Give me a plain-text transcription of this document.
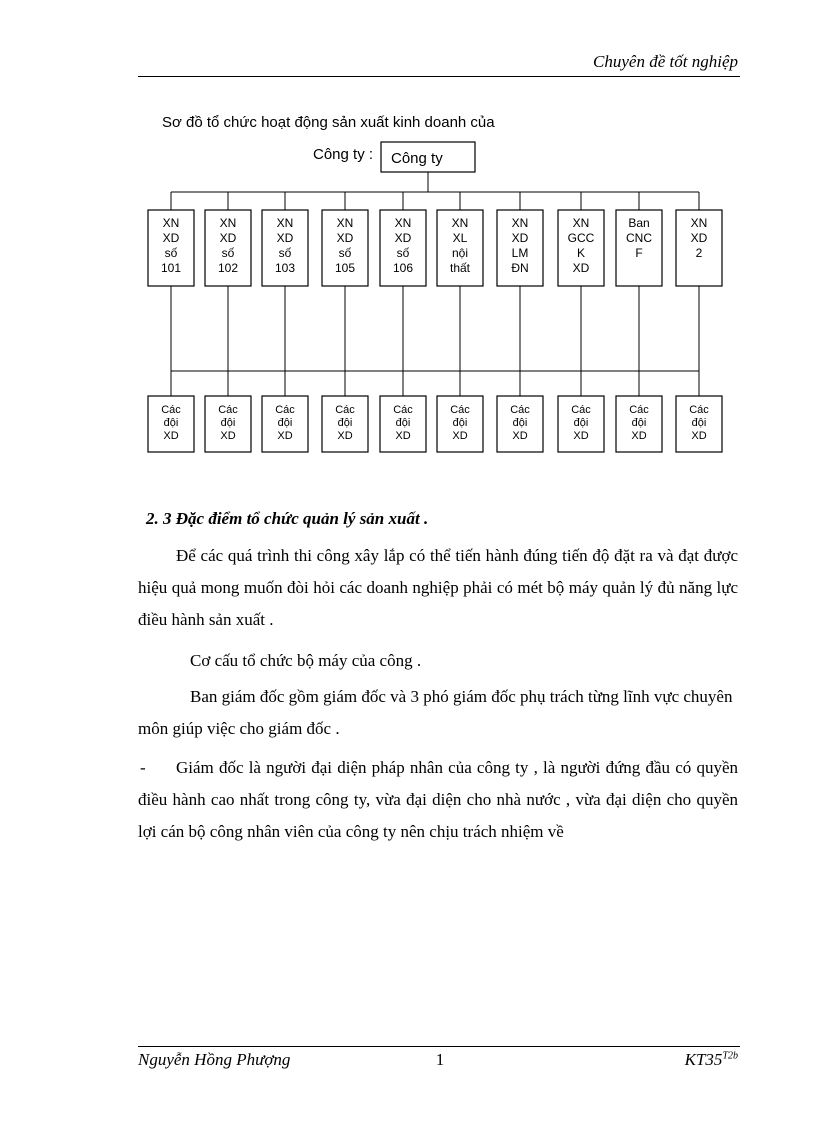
Chuyên đề tốt nghiệp
Sơ đồ tổ chức hoạt động sản xuất kinh doanh của
Công ty : Công ty
XN
XD
số
101
Các
đội
XD
XN
XD
số
102
Các
đội
XD
XN
XD
số
103
Các
đội
XD
XN
XD
số
105
Các
đội
XD
XN
XD
số
106
Các
đội
XD
XN
XL
nội
thất
Các
đội
XD
XN
XD
LM
ĐN
Các
đội
XD
XN
GCC
K
XD
Các
đội
XD
Ban
CNC
F
Các
đội
XD
XN
XD
2
Các
đội
XD
2. 3 Đặc điểm tổ chức quản lý sản xuất .
Để các quá trình thi công xây lắp có thể tiến hành đúng tiến độ đặt ra và đạt được hiệu quả mong muốn đòi hỏi các doanh nghiệp phải có mét bộ máy quản lý đủ năng lực điều hành sản xuất .
Cơ cấu tổ chức bộ máy của công .
Ban giám đốc gồm giám đốc và 3 phó giám đốc phụ trách từng lĩnh vực chuyên môn giúp việc cho giám đốc .
-	Giám đốc là người đại diện pháp nhân của công ty , là người đứng đầu có quyền điều hành cao nhất trong công ty, vừa đại diện cho nhà nước , vừa đại diện cho quyền lợi cán bộ công nhân viên của công ty nên chịu trách nhiệm về
Nguyễn Hồng Phượng	1	$KT35^{T2b}$
